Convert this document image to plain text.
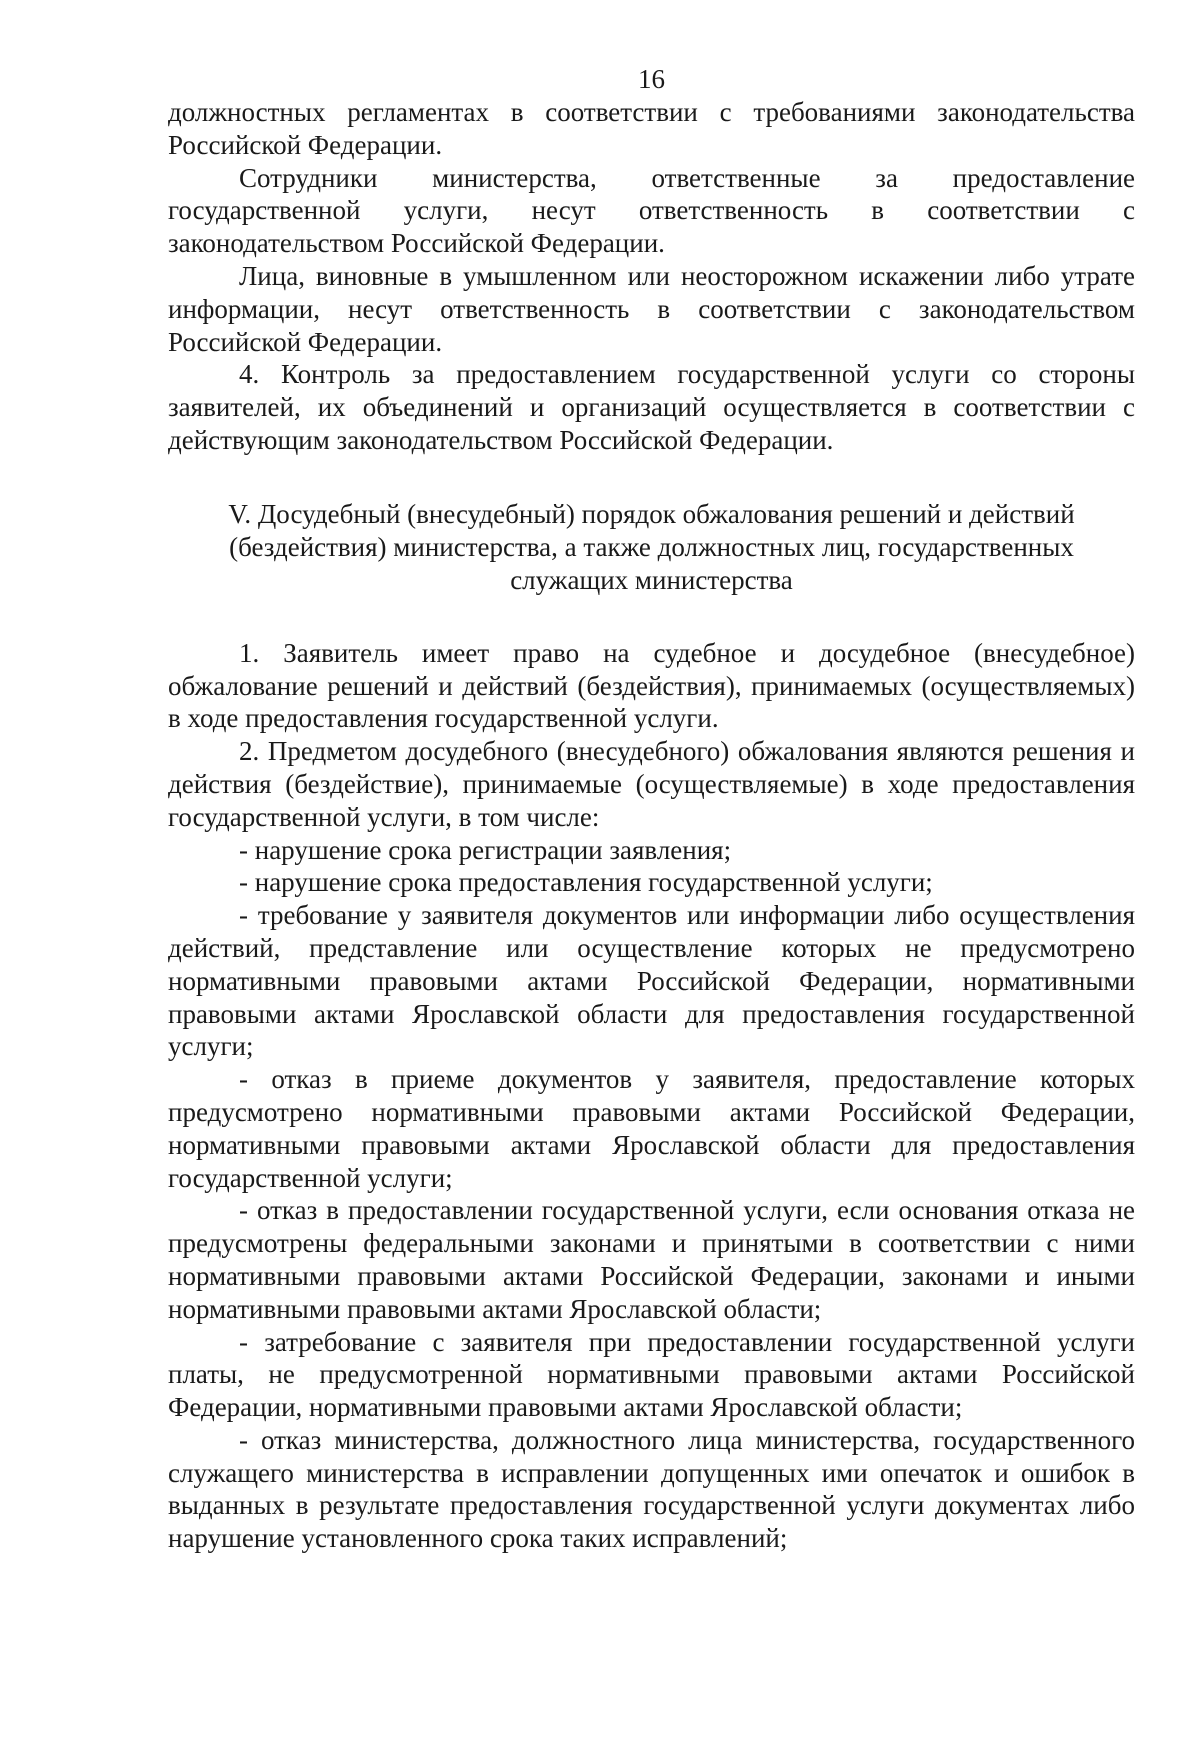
16

должностных регламентах в соответствии с требованиями законодательства Российской Федерации.

Сотрудники министерства, ответственные за предоставление государственной услуги, несут ответственность в соответствии с законодательством Российской Федерации.

Лица, виновные в умышленном или неосторожном искажении либо утрате информации, несут ответственность в соответствии с законодательством Российской Федерации.

4. Контроль за предоставлением государственной услуги со стороны заявителей, их объединений и организаций осуществляется в соответствии с действующим законодательством Российской Федерации.

V. Досудебный (внесудебный) порядок обжалования решений и действий
(бездействия) министерства, а также должностных лиц, государственных
служащих министерства

1. Заявитель имеет право на судебное и досудебное (внесудебное) обжалование решений и действий (бездействия), принимаемых (осуществляемых) в ходе предоставления государственной услуги.

2. Предметом досудебного (внесудебного) обжалования являются решения и действия (бездействие), принимаемые (осуществляемые) в ходе предоставления государственной услуги, в том числе:

- нарушение срока регистрации заявления;

- нарушение срока предоставления государственной услуги;

- требование у заявителя документов или информации либо осуществления действий, представление или осуществление которых не предусмотрено нормативными правовыми актами Российской Федерации, нормативными правовыми актами Ярославской области для предоставления государственной услуги;

- отказ в приеме документов у заявителя, предоставление которых предусмотрено нормативными правовыми актами Российской Федерации, нормативными правовыми актами Ярославской области для предоставления государственной услуги;

- отказ в предоставлении государственной услуги, если основания отказа не предусмотрены федеральными законами и принятыми в соответствии с ними нормативными правовыми актами Российской Федерации, законами и иными нормативными правовыми актами Ярославской области;

- затребование с заявителя при предоставлении государственной услуги платы, не предусмотренной нормативными правовыми актами Российской Федерации, нормативными правовыми актами Ярославской области;

- отказ министерства, должностного лица министерства, государственного служащего министерства в исправлении допущенных ими опечаток и ошибок в выданных в результате предоставления государственной услуги документах либо нарушение установленного срока таких исправлений;
